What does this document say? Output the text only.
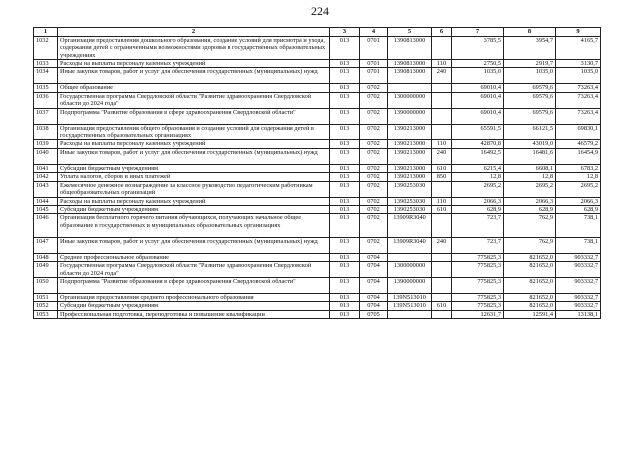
224
1	2	3	4	5	6	7	8	9
1032	Организация предоставления дошкольного образования, создание условий для присмотра и ухода, содержания детей с ограниченными возможностями здоровья в государственных образовательных учреждениях	013	0701	1390813000		3785,5	3954,7	4165,7
1033	Расходы на выплаты персоналу казенных учреждений	013	0701	1390813000	110	2750,5	2919,7	3130,7
1034	Иные закупки товаров, работ и услуг для обеспечения государственных (муниципальных) нужд	013	0701	1390813000	240	1035,0	1035,0	1035,0
1035	Общее образование	013	0702			69010,4	69579,6	73263,4
1036	Государственная программа Свердловской области "Развитие здравоохранения Свердловской области до 2024 года"	013	0702	1300000000		69010,4	69579,6	73263,4
1037	Подпрограмма "Развитие образования в сфере здравоохранения Свердловской области"	013	0702	1390000000		69010,4	69579,6	73263,4
1038	Организация предоставления общего образования и создание условий для содержания детей в государственных образовательных организациях	013	0702	1390213000		65591,5	66121,5	69830,1
1039	Расходы на выплаты персоналу казенных учреждений	013	0702	1390213000	110	42870,8	43019,0	46579,2
1040	Иные закупки товаров, работ и услуг для обеспечения государственных (муниципальных) нужд	013	0702	1390213000	240	16492,5	16481,6	16454,9
1041	Субсидии бюджетным учреждениям	013	0702	1390213000	610	6215,4	6608,1	6783,2
1042	Уплата налогов, сборов и иных платежей	013	0702	1390213000	850	12,8	12,8	12,8
1043	Ежемесячное денежное вознаграждение за классное руководство педагогическим работникам общеобразовательных организаций	013	0702	1390253030		2695,2	2695,2	2695,2
1044	Расходы на выплаты персоналу казенных учреждений	013	0702	1390253030	110	2066,3	2066,3	2066,3
1045	Субсидии бюджетным учреждениям	013	0702	1390253030	610	628,9	628,9	628,9
1046	Организация бесплатного горячего питания обучающихся, получающих начальное общее образование в государственных и муниципальных образовательных организациях	013	0702	13909R3040		723,7	762,9	738,1
1047	Иные закупки товаров, работ и услуг для обеспечения государственных (муниципальных) нужд	013	0702	13909R3040	240	723,7	762,9	738,1
1048	Среднее профессиональное образование	013	0704			775825,3	821652,0	903332,7
1049	Государственная программа Свердловской области "Развитие здравоохранения Свердловской области до 2024 года"	013	0704	1300000000		775825,3	821652,0	903332,7
1050	Подпрограмма "Развитие образования в сфере здравоохранения Свердловской области"	013	0704	1390000000		775825,3	821652,0	903332,7
1051	Организация предоставления среднего профессионального образования	013	0704	139N513010		775825,3	821652,0	903332,7
1052	Субсидии бюджетным учреждениям	013	0704	139N513010	610	775825,3	821652,0	903332,7
1053	Профессиональная подготовка, переподготовка и повышение квалификации	013	0705			12631,7	12591,4	13138,1
